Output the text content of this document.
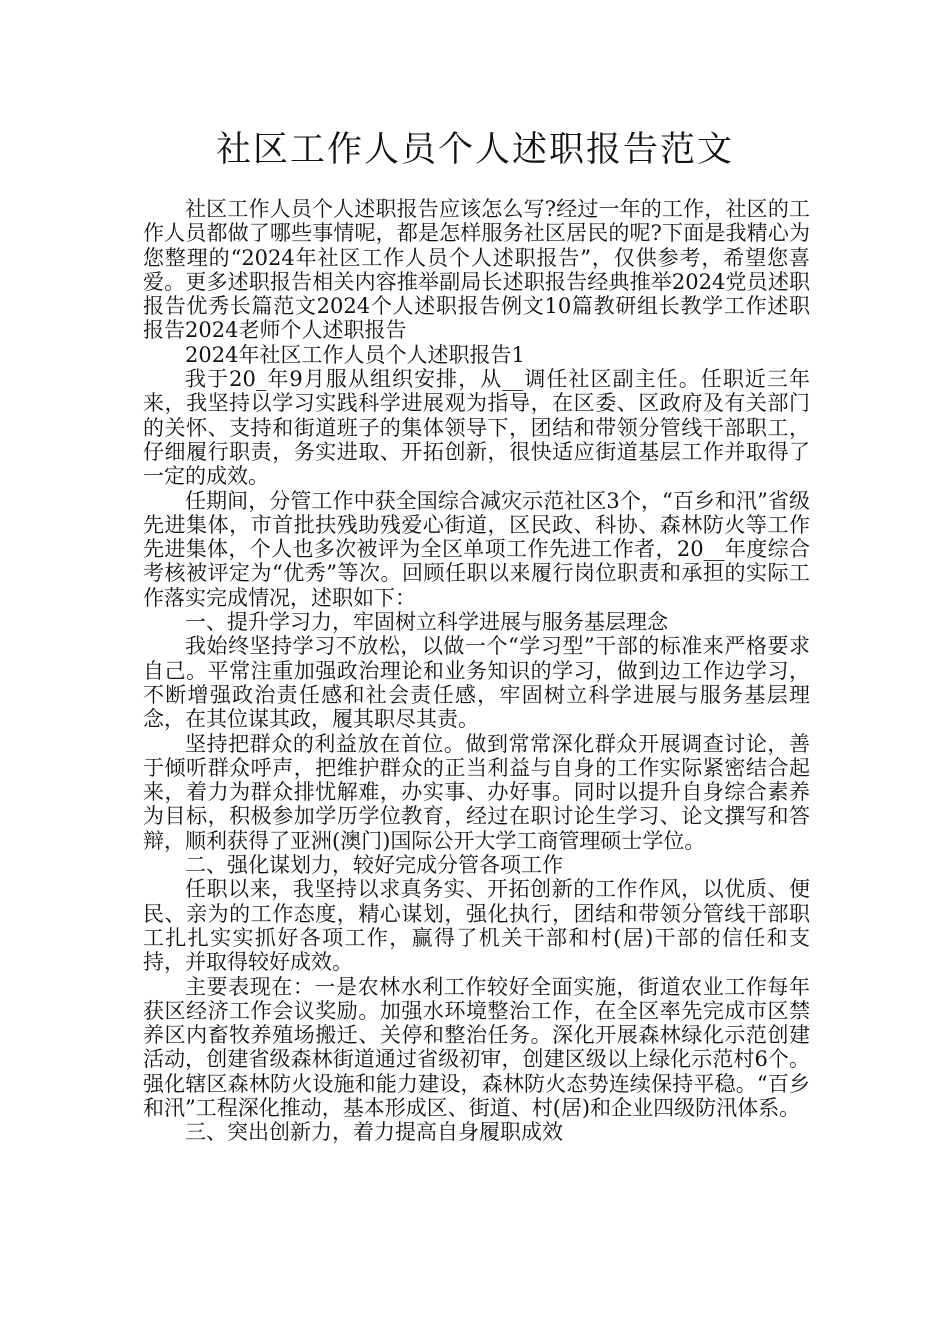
社区工作人员个人述职报告范文

社区工作人员个人述职报告应该怎么写?经过一年的工作，社区的工作人员都做了哪些事情呢，都是怎样服务社区居民的呢?下面是我精心为您整理的“2024年社区工作人员个人述职报告”，仅供参考，希望您喜爱。更多述职报告相关内容推举副局长述职报告经典推举2024党员述职报告优秀长篇范文2024个人述职报告例文10篇教研组长教学工作述职报告2024老师个人述职报告

2024年社区工作人员个人述职报告1

我于20_年9月服从组织安排，从__调任社区副主任。任职近三年来，我坚持以学习实践科学进展观为指导，在区委、区政府及有关部门的关怀、支持和街道班子的集体领导下，团结和带领分管线干部职工，仔细履行职责，务实进取、开拓创新，很快适应街道基层工作并取得了一定的成效。

任期间，分管工作中获全国综合减灾示范社区3个，“百乡和汛”省级先进集体，市首批扶残助残爱心街道，区民政、科协、森林防火等工作先进集体，个人也多次被评为全区单项工作先进工作者，20__年度综合考核被评定为“优秀”等次。回顾任职以来履行岗位职责和承担的实际工作落实完成情况，述职如下：

一、提升学习力，牢固树立科学进展与服务基层理念

我始终坚持学习不放松，以做一个“学习型”干部的标准来严格要求自己。平常注重加强政治理论和业务知识的学习，做到边工作边学习，不断增强政治责任感和社会责任感，牢固树立科学进展与服务基层理念，在其位谋其政，履其职尽其责。

坚持把群众的利益放在首位。做到常常深化群众开展调查讨论，善于倾听群众呼声，把维护群众的正当利益与自身的工作实际紧密结合起来，着力为群众排忧解难，办实事、办好事。同时以提升自身综合素养为目标，积极参加学历学位教育，经过在职讨论生学习、论文撰写和答辩，顺利获得了亚洲(澳门)国际公开大学工商管理硕士学位。

二、强化谋划力，较好完成分管各项工作

任职以来，我坚持以求真务实、开拓创新的工作作风，以优质、便民、亲为的工作态度，精心谋划，强化执行，团结和带领分管线干部职工扎扎实实抓好各项工作，赢得了机关干部和村(居)干部的信任和支持，并取得较好成效。

主要表现在：一是农林水利工作较好全面实施，街道农业工作每年获区经济工作会议奖励。加强水环境整治工作，在全区率先完成市区禁养区内畜牧养殖场搬迁、关停和整治任务。深化开展森林绿化示范创建活动，创建省级森林街道通过省级初审，创建区级以上绿化示范村6个。强化辖区森林防火设施和能力建设，森林防火态势连续保持平稳。“百乡和汛”工程深化推动，基本形成区、街道、村(居)和企业四级防汛体系。

三、突出创新力，着力提高自身履职成效
